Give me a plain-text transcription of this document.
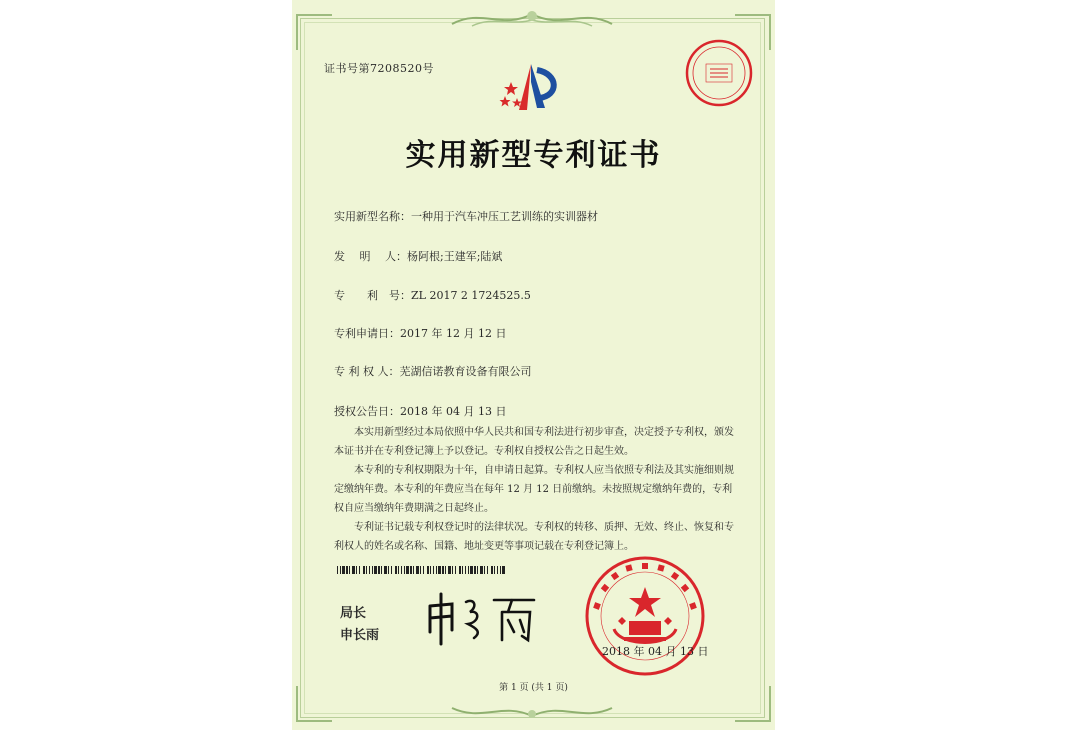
证书号第7208520号
实用新型专利证书
实用新型名称：一种用于汽车冲压工艺训练的实训器材
发　 明　 人：杨阿根;王建军;陆斌
专　　利　号：ZL 2017 2 1724525.5
专利申请日：2017 年 12 月 12 日
专 利 权 人：芜湖信诺教育设备有限公司
授权公告日：2018 年 04 月 13 日

本实用新型经过本局依照中华人民共和国专利法进行初步审查，决定授予专利权，颁发本证书并在专利登记簿上予以登记。专利权自授权公告之日起生效。

本专利的专利权期限为十年，自申请日起算。专利权人应当依照专利法及其实施细则规定缴纳年费。本专利的年费应当在每年 12 月 12 日前缴纳。未按照规定缴纳年费的，专利权自应当缴纳年费期满之日起终止。

专利证书记载专利权登记时的法律状况。专利权的转移、质押、无效、终止、恢复和专利权人的姓名或名称、国籍、地址变更等事项记载在专利登记簿上。

局长
申长雨
2018 年 04 月 13 日
第 1 页 (共 1 页)
